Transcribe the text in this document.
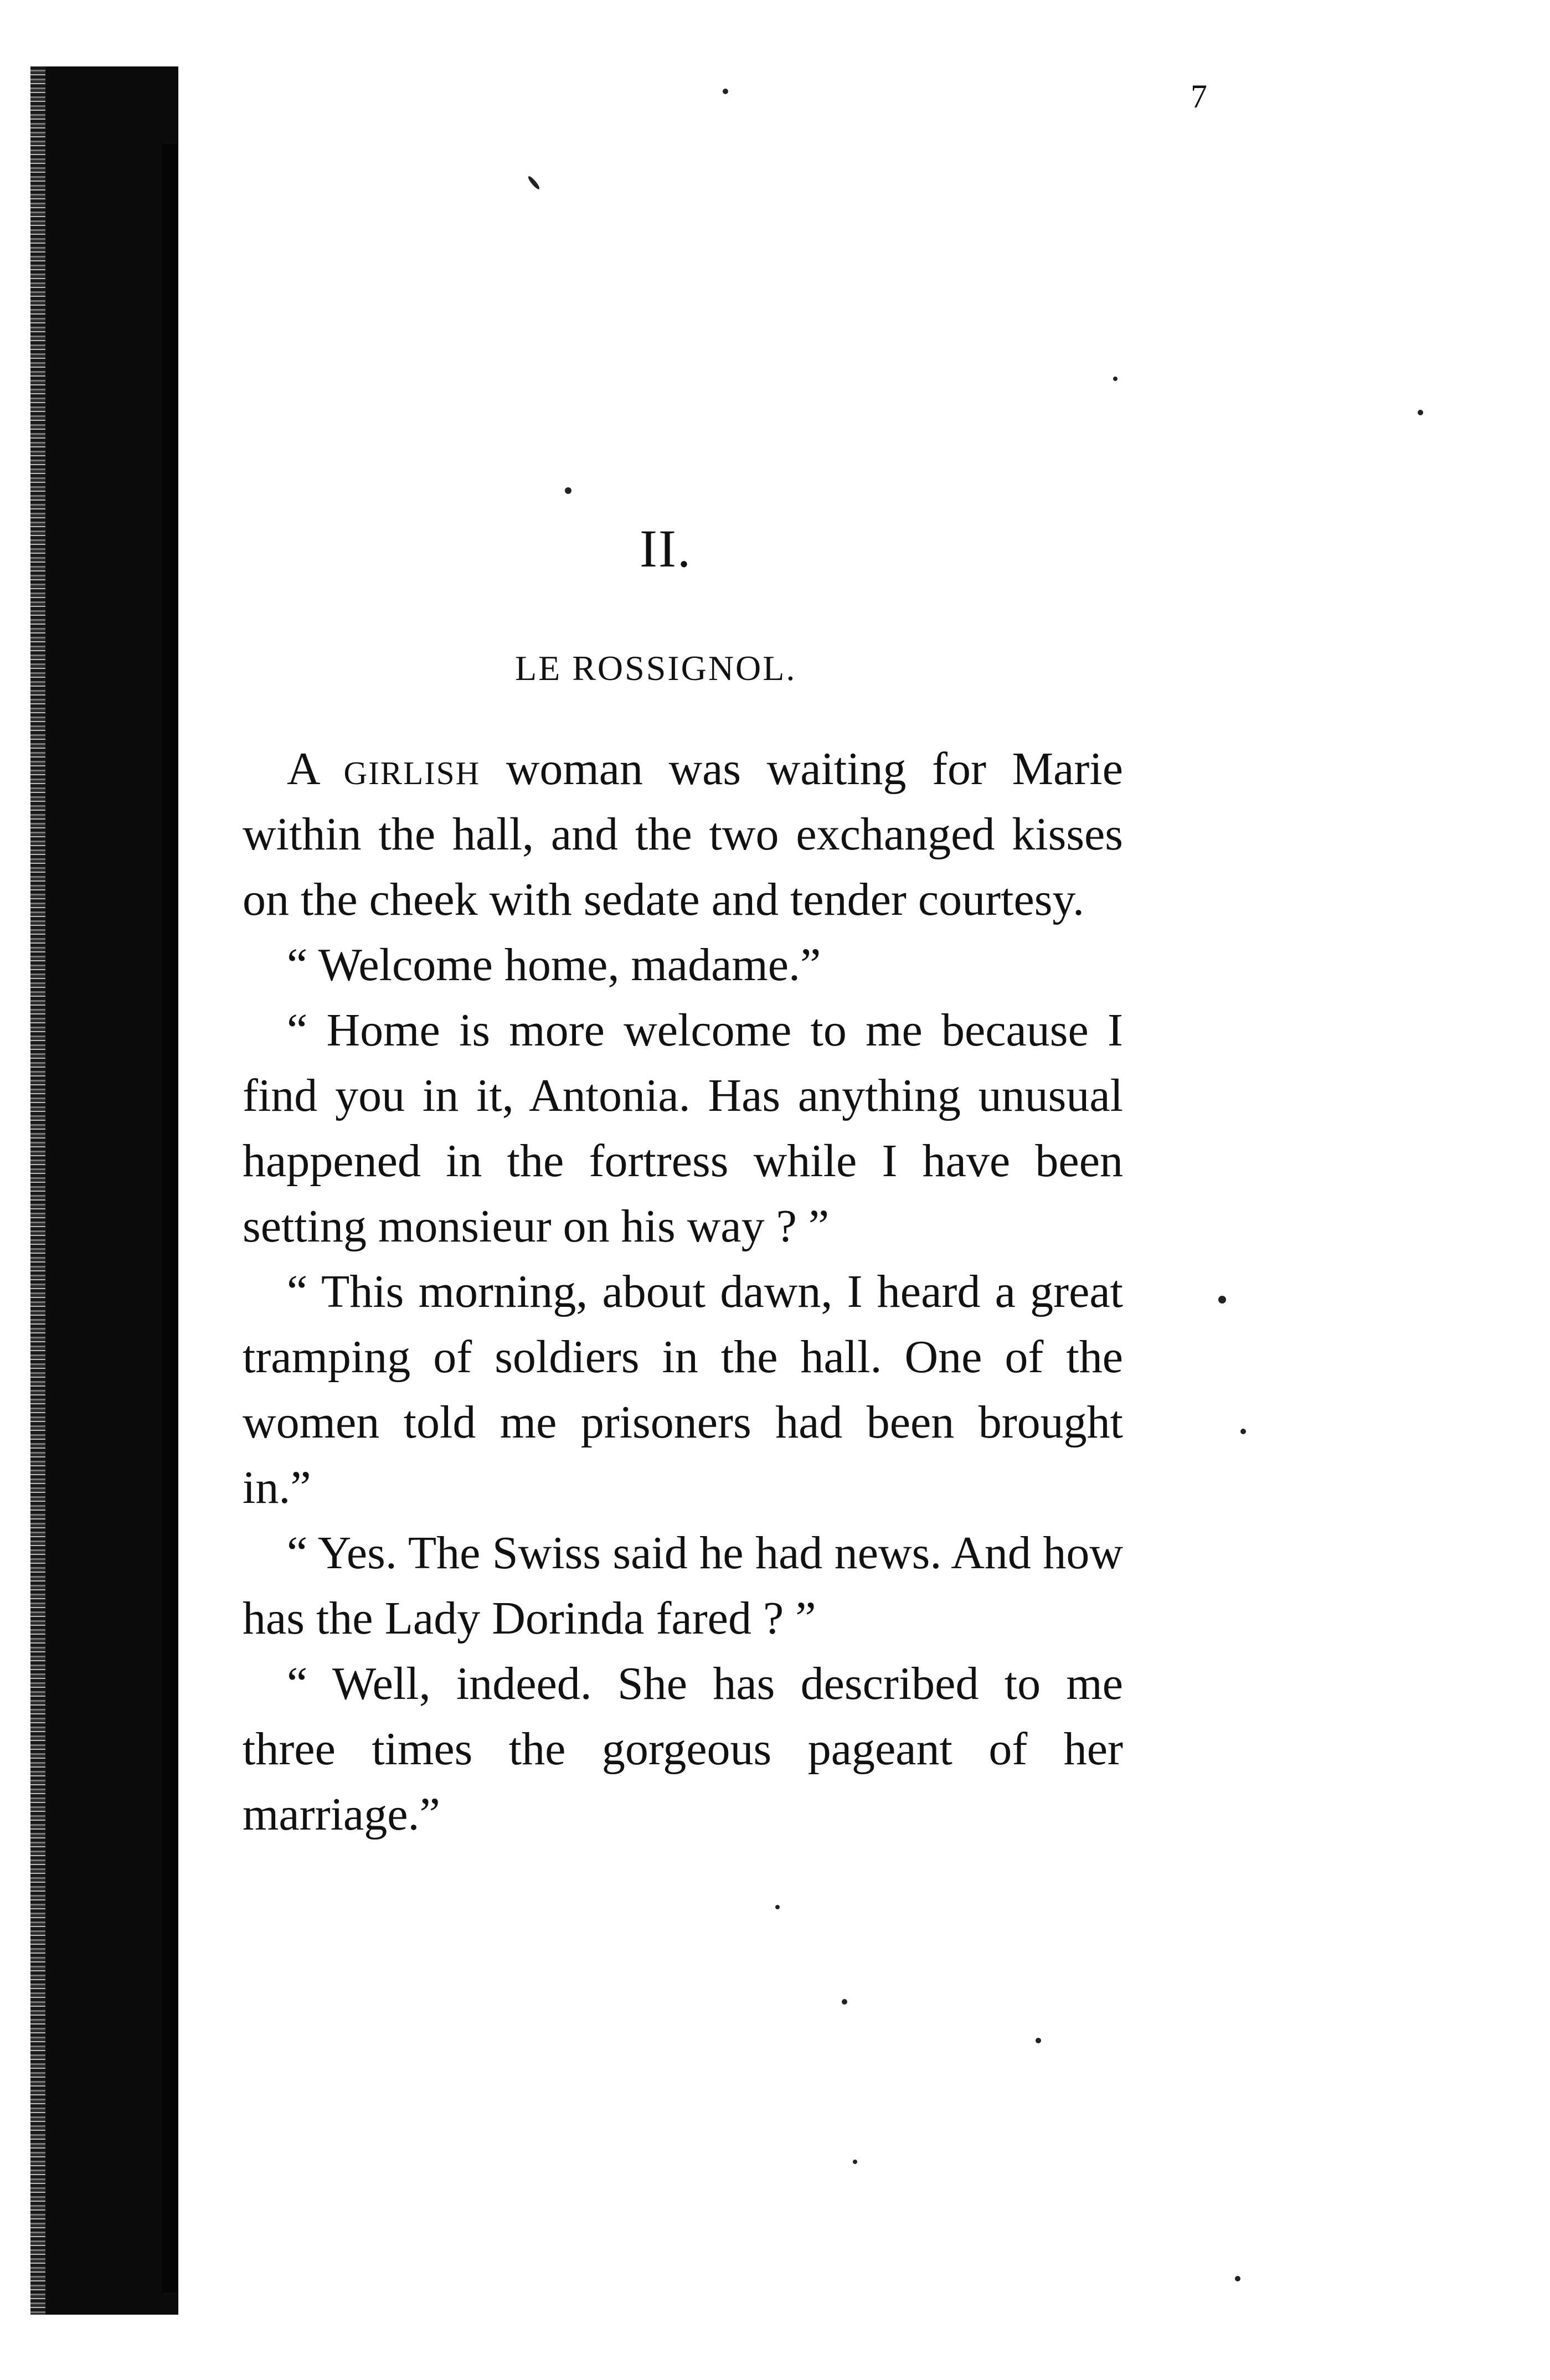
7
II.
LE ROSSIGNOL.

A girlish woman was waiting for Marie within the hall, and the two exchanged kisses on the cheek with sedate and tender courtesy.

“ Welcome home, madame.”

“ Home is more welcome to me because I find you in it, Antonia. Has anything unusual happened in the fortress while I have been setting monsieur on his way ? ”

“ This morning, about dawn, I heard a great tramping of soldiers in the hall. One of the women told me prisoners had been brought in.”

“ Yes. The Swiss said he had news. And how has the Lady Dorinda fared ? ”

“ Well, indeed. She has described to me three times the gorgeous pageant of her marriage.”
